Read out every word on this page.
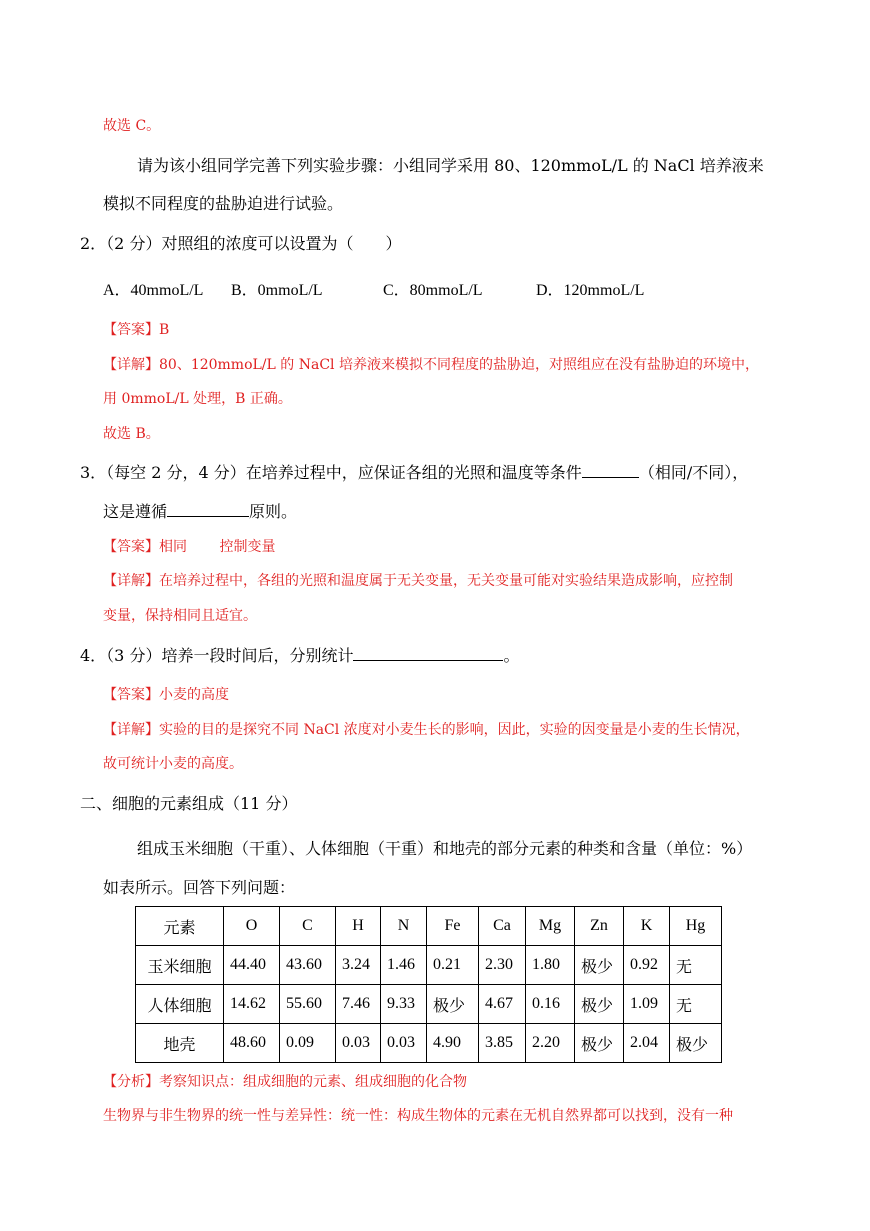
故选 C。
请为该小组同学完善下列实验步骤：小组同学采用 80、120mmoL/L 的 NaCl 培养液来
模拟不同程度的盐胁迫进行试验。
2．（2 分）对照组的浓度可以设置为（　　）
A．40mmoL/L B．0mmoL/L	C．80mmoL/L	D．120mmoL/L
【答案】B
【详解】80、120mmoL/L 的 NaCl 培养液来模拟不同程度的盐胁迫，对照组应在没有盐胁迫的环境中，
用 0mmoL/L 处理，B 正确。
故选 B。
3．（每空 2 分，4 分）在培养过程中，应保证各组的光照和温度等条件	（相同/不同），
这是遵循	原则。
【答案】相同　　 控制变量
【详解】在培养过程中，各组的光照和温度属于无关变量，无关变量可能对实验结果造成影响，应控制
变量，保持相同且适宜。
4．（3 分）培养一段时间后，分别统计	。
【答案】小麦的高度
【详解】实验的目的是探究不同 NaCl 浓度对小麦生长的影响，因此，实验的因变量是小麦的生长情况，
故可统计小麦的高度。
二、细胞的元素组成（11 分）
组成玉米细胞（干重）、人体细胞（干重）和地壳的部分元素的种类和含量（单位：%）
如表所示。回答下列问题：
元素	O	C	H	N	Fe	Ca	Mg	Zn	K	Hg
玉米细胞	44.40	43.60	3.24	1.46	0.21	2.30	1.80	极少	0.92	无
人体细胞	14.62	55.60	7.46	9.33	极少	4.67	0.16	极少	1.09	无
地壳	48.60	0.09	0.03	0.03	4.90	3.85	2.20	极少	2.04	极少
【分析】考察知识点：组成细胞的元素、组成细胞的化合物
生物界与非生物界的统一性与差异性：统一性：构成生物体的元素在无机自然界都可以找到，没有一种
